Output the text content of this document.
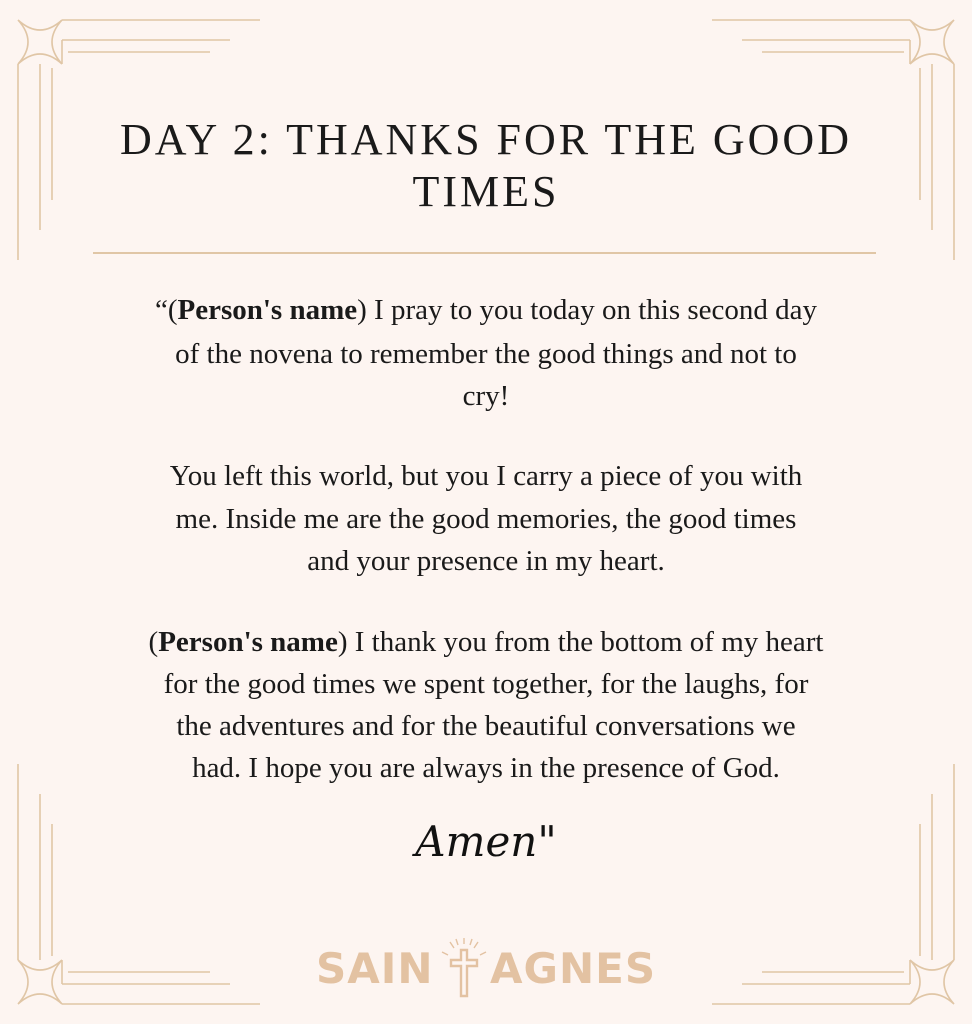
DAY 2: THANKS FOR THE GOOD
TIMES
“(Person's name) I pray to you today on this second day
of the novena to remember the good things and not to
cry!
You left this world, but you I carry a piece of you with
me. Inside me are the good memories, the good times
and your presence in my heart.
(Person's name) I thank you from the bottom of my heart
for the good times we spent together, for the laughs, for
the adventures and for the beautiful conversations we
had. I hope you are always in the presence of God.
Amen"
SAIN AGNES
